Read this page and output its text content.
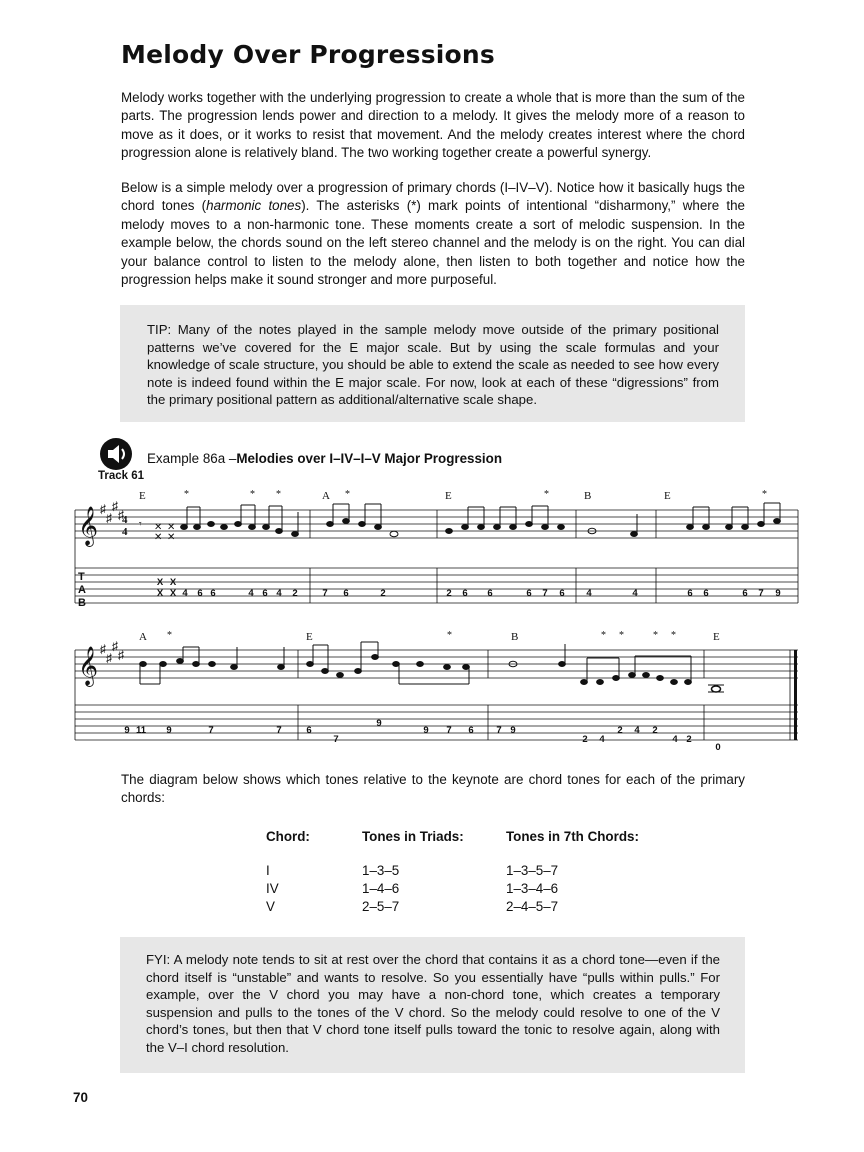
Melody Over Progressions

Melody works together with the underlying progression to create a whole that is more than the sum of the parts. The progression lends power and direction to a melody. It gives the melody more of a reason to move as it does, or it works to resist that movement. And the melody creates interest where the chord progression alone is relatively bland. The two working together create a powerful synergy.

Below is a simple melody over a progression of primary chords (I–IV–V). Notice how it basically hugs the chord tones (harmonic tones). The asterisks (*) mark points of intentional “disharmony,” where the melody moves to a non-harmonic tone. These moments create a sort of melodic suspension. In the example below, the chords sound on the left stereo channel and the melody is on the right. You can dial your balance control to listen to the melody alone, then listen to both together and notice how the progression helps make it sound stronger and more purposeful.

TIP: Many of the notes played in the sample melody move outside of the primary positional patterns we’ve covered for the E major scale. But by using the scale formulas and your knowledge of scale structure, you should be able to extend the scale as needed to see how every note is indeed found within the E major scale. For now, look at each of these “digressions” from the primary positional pattern as additional/alternative scale shape.

Track 61
Example 86a –Melodies over I–IV–I–V Major Progression
𝄞 ♯
♯
♯
♯
4
4
T
A
B
E	A	E	B	E
*	* *	*	*	*
𝄾 ✕
✕
✕
✕
X X
X X 4 6 6	4 6 4 2	7 6	2	2 6 6	6 7 6 4	4	6 6	6 7 9
𝄞 ♯
♯
♯
♯
A	E	B	E
*	*	* *	* *
9 11 9	7	7	6
7
9
9 7 6 7 9
2 4
2 4 2
4 2
0

The diagram below shows which tones relative to the keynote are chord tones for each of the primary chords:

Chord:	Tones in Triads:	Tones in 7th Chords:
I	1–3–5	1–3–5–7
IV	1–4–6	1–3–4–6
V	2–5–7	2–4–5–7

FYI: A melody note tends to sit at rest over the chord that contains it as a chord tone—even if the chord itself is “unstable” and wants to resolve. So you essentially have “pulls within pulls.” For example, over the V chord you may have a non-chord tone, which creates a temporary suspension and pulls to the tones of the V chord. So the melody could resolve to one of the V chord’s tones, but then that V chord tone itself pulls toward the tonic to resolve again, along with the V–I chord resolution.

70
